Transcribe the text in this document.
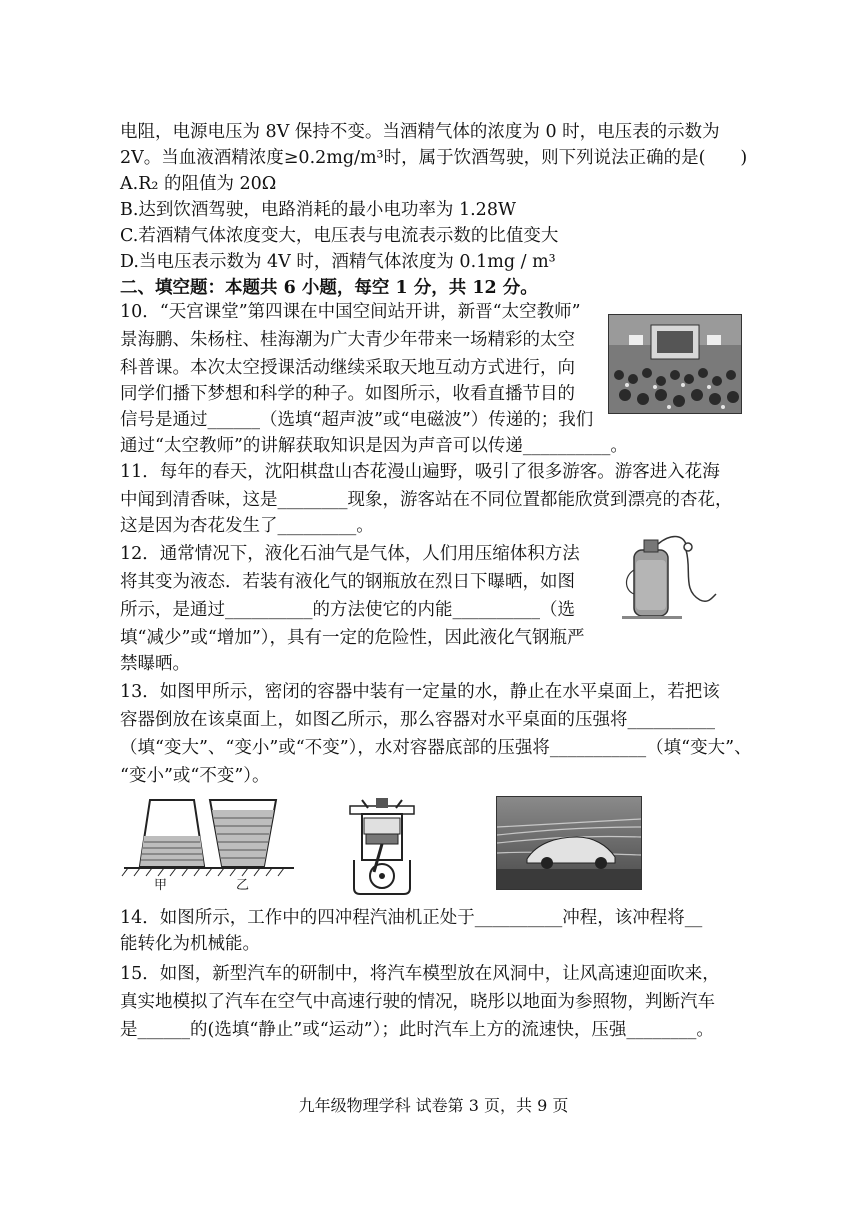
电阻，电源电压为 8V 保持不变。当酒精气体的浓度为 0 时，电压表的示数为
2V。当血液酒精浓度≥0.2mg/m³时，属于饮酒驾驶，则下列说法正确的是(　　)
A.R₂ 的阻值为 20Ω
B.达到饮酒驾驶，电路消耗的最小电功率为 1.28W
C.若酒精气体浓度变大，电压表与电流表示数的比值变大
D.当电压表示数为 4V 时，酒精气体浓度为 0.1mg / m³
二、填空题：本题共 6 小题，每空 1 分，共 12 分。
10．“天宫课堂”第四课在中国空间站开讲，新晋“太空教师”
景海鹏、朱杨柱、桂海潮为广大青少年带来一场精彩的太空
科普课。本次太空授课活动继续采取天地互动方式进行，向
同学们播下梦想和科学的种子。如图所示，收看直播节目的
信号是通过______（选填“超声波”或“电磁波”）传递的；我们
通过“太空教师”的讲解获取知识是因为声音可以传递__________。
11．每年的春天，沈阳棋盘山杏花漫山遍野，吸引了很多游客。游客进入花海
中闻到清香味，这是________现象，游客站在不同位置都能欣赏到漂亮的杏花，
这是因为杏花发生了_________。
12．通常情况下，液化石油气是气体，人们用压缩体积方法
将其变为液态．若装有液化气的钢瓶放在烈日下曝晒，如图
所示，是通过__________的方法使它的内能__________（选
填“减少”或“增加”），具有一定的危险性，因此液化气钢瓶严
禁曝晒。
13．如图甲所示，密闭的容器中装有一定量的水，静止在水平桌面上，若把该
容器倒放在该桌面上，如图乙所示，那么容器对水平桌面的压强将__________
（填“变大”、“变小”或“不变”），水对容器底部的压强将___________（填“变大”、
“变小”或“不变”）。
甲	乙
14．如图所示，工作中的四冲程汽油机正处于__________冲程，该冲程将__
能转化为机械能。
15．如图，新型汽车的研制中，将汽车模型放在风洞中，让风高速迎面吹来，
真实地模拟了汽车在空气中高速行驶的情况，晓彤以地面为参照物，判断汽车
是______的(选填“静止”或“运动”）；此时汽车上方的流速快，压强________。
九年级物理学科 试卷第 3 页，共 9 页
